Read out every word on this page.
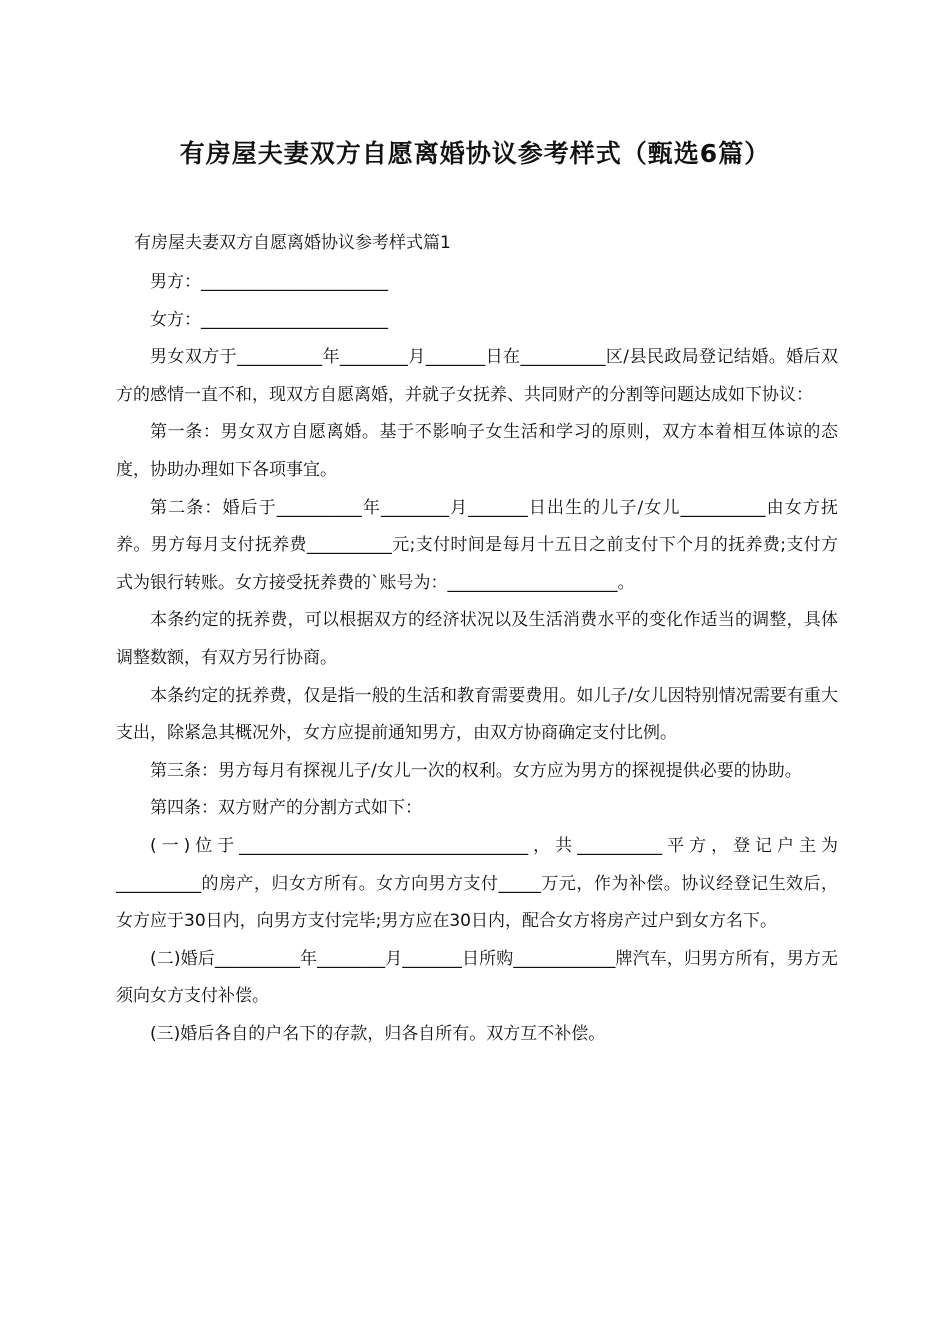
有房屋夫妻双方自愿离婚协议参考样式（甄选6篇）

有房屋夫妻双方自愿离婚协议参考样式篇1

男方：______________________

女方：______________________

男女双方于__________年________月_______日在__________区/县民政局登记结婚。婚后双方的感情一直不和，现双方自愿离婚，并就子女抚养、共同财产的分割等问题达成如下协议：

第一条：男女双方自愿离婚。基于不影响子女生活和学习的原则，双方本着相互体谅的态度，协助办理如下各项事宜。

第二条：婚后于__________年________月_______日出生的儿子/女儿__________由女方抚养。男方每月支付抚养费__________元;支付时间是每月十五日之前支付下个月的抚养费;支付方式为银行转账。女方接受抚养费的`账号为：____________________。

本条约定的抚养费，可以根据双方的经济状况以及生活消费水平的变化作适当的调整，具体调整数额，有双方另行协商。

本条约定的抚养费，仅是指一般的生活和教育需要费用。如儿子/女儿因特别情况需要有重大支出，除紧急其概况外，女方应提前通知男方，由双方协商确定支付比例。

第三条：男方每月有探视儿子/女儿一次的权利。女方应为男方的探视提供必要的协助。

第四条：双方财产的分割方式如下：

(一)位于__________________________________，共__________平方，登记户主为__________的房产，归女方所有。女方向男方支付_____万元，作为补偿。协议经登记生效后，女方应于30日内，向男方支付完毕;男方应在30日内，配合女方将房产过户到女方名下。

(二)婚后__________年________月_______日所购____________牌汽车，归男方所有，男方无须向女方支付补偿。

(三)婚后各自的户名下的存款，归各自所有。双方互不补偿。
